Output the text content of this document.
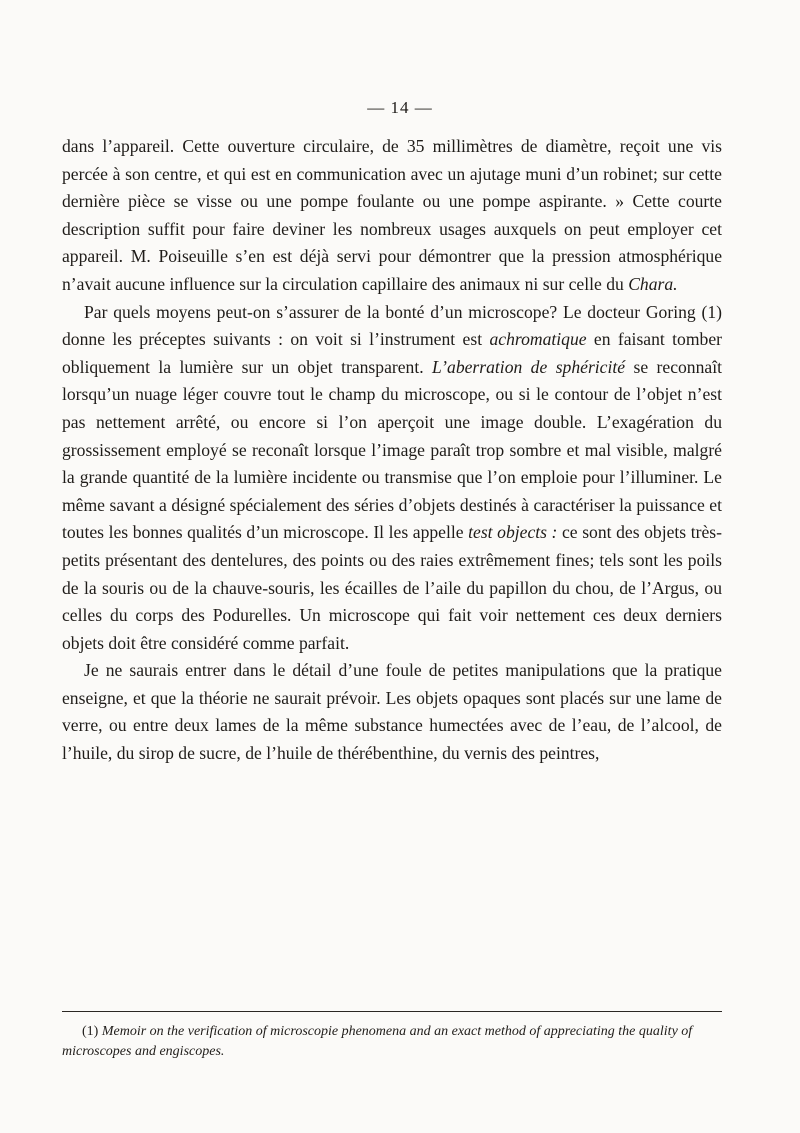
— 14 —

dans l’appareil. Cette ouverture circulaire, de 35 millimètres de diamètre, reçoit une vis percée à son centre, et qui est en communication avec un ajutage muni d’un robinet; sur cette dernière pièce se visse ou une pompe foulante ou une pompe aspirante. » Cette courte description suffit pour faire deviner les nombreux usages auxquels on peut employer cet appareil. M. Poiseuille s’en est déjà servi pour démontrer que la pression atmosphérique n’avait aucune influence sur la circulation capillaire des animaux ni sur celle du Chara.

Par quels moyens peut-on s’assurer de la bonté d’un microscope? Le docteur Goring (1) donne les préceptes suivants : on voit si l’instrument est achromatique en faisant tomber obliquement la lumière sur un objet transparent. L’aberration de sphéricité se reconnaît lorsqu’un nuage léger couvre tout le champ du microscope, ou si le contour de l’objet n’est pas nettement arrêté, ou encore si l’on aperçoit une image double. L’exagération du grossissement employé se reconaît lorsque l’image paraît trop sombre et mal visible, malgré la grande quantité de la lumière incidente ou transmise que l’on emploie pour l’illuminer. Le même savant a désigné spécialement des séries d’objets destinés à caractériser la puissance et toutes les bonnes qualités d’un microscope. Il les appelle test objects : ce sont des objets très-petits présentant des dentelures, des points ou des raies extrêmement fines; tels sont les poils de la souris ou de la chauve-souris, les écailles de l’aile du papillon du chou, de l’Argus, ou celles du corps des Podurelles. Un microscope qui fait voir nettement ces deux derniers objets doit être considéré comme parfait.

Je ne saurais entrer dans le détail d’une foule de petites manipulations que la pratique enseigne, et que la théorie ne saurait prévoir. Les objets opaques sont placés sur une lame de verre, ou entre deux lames de la même substance humectées avec de l’eau, de l’alcool, de l’huile, du sirop de sucre, de l’huile de thérébenthine, du vernis des peintres,

(1) Memoir on the verification of microscopie phenomena and an exact method of appreciating the quality of microscopes and engiscopes.
